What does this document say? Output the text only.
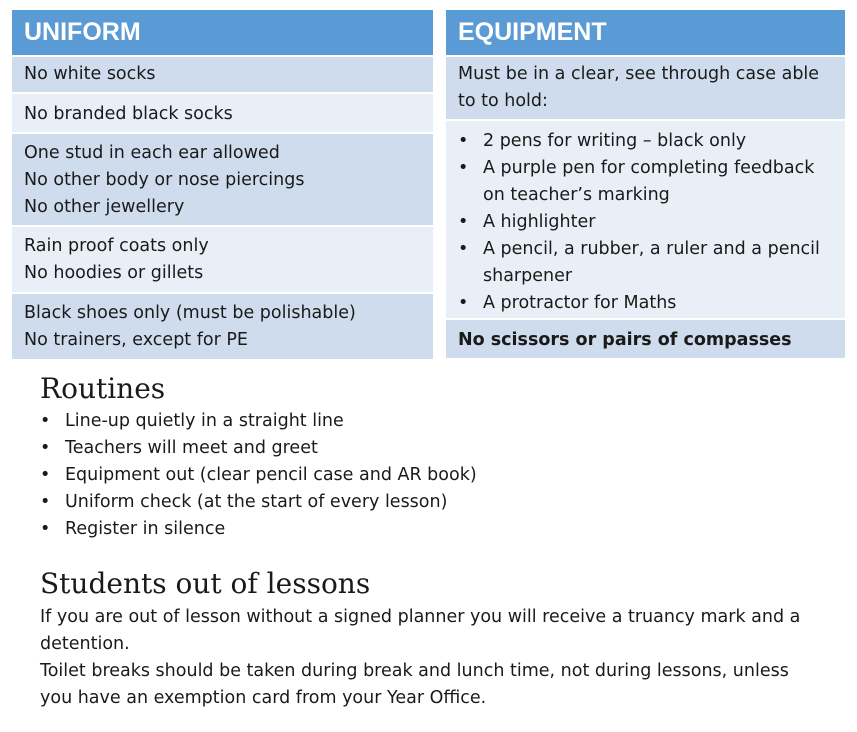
UNIFORM
No white socks
No branded black socks
One stud in each ear allowed
No other body or nose piercings
No other jewellery
Rain proof coats only
No hoodies or gillets
Black shoes only (must be polishable)
No trainers, except for PE
EQUIPMENT
Must be in a clear, see through case able
to to hold:
• 2 pens for writing – black only
• A purple pen for completing feedback
on teacher’s marking
• A highlighter
• A pencil, a rubber, a ruler and a pencil
sharpener
• A protractor for Maths
No scissors or pairs of compasses
Routines
• Line-up quietly in a straight line
• Teachers will meet and greet
• Equipment out (clear pencil case and AR book)
• Uniform check (at the start of every lesson)
• Register in silence
Students out of lessons

If you are out of lesson without a signed planner you will receive a truancy mark and a
detention.

Toilet breaks should be taken during break and lunch time, not during lessons, unless
you have an exemption card from your Year Office.
